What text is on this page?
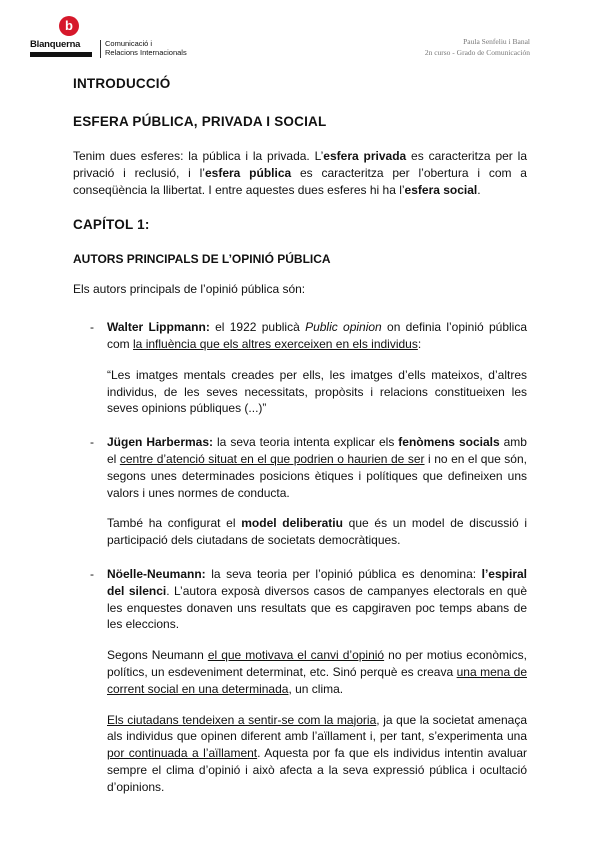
b
Blanquerna	Comunicació i
Relacions Internacionals
Paula Senfeliu i Banal
2n curso - Grado de Comunicación
INTRODUCCIÓ
ESFERA PÚBLICA, PRIVADA I SOCIAL

Tenim dues esferes: la pública i la privada. L’esfera privada es caracteritza per la privació i reclusió, i l’esfera pública es caracteritza per l’obertura i com a conseqüència la llibertat. I entre aquestes dues esferes hi ha l’esfera social.

CAPÍTOL 1:
AUTORS PRINCIPALS DE L’OPINIÓ PÚBLICA

Els autors principals de l’opinió pública són:

- Walter Lippmann: el 1922 publicà Public opinion on definia l’opinió pública com la influència que els altres exerceixen en els individus:

“Les imatges mentals creades per ells, les imatges d’ells mateixos, d’altres individus, de les seves necessitats, propòsits i relacions constitueixen les seves opinions públiques (...)”

- Jügen Harbermas: la seva teoria intenta explicar els fenòmens socials amb el centre d’atenció situat en el que podrien o haurien de ser i no en el que són, segons unes determinades posicions ètiques i polítiques que defineixen uns valors i unes normes de conducta.

També ha configurat el model deliberatiu que és un model de discussió i participació dels ciutadans de societats democràtiques.

- Nöelle-Neumann: la seva teoria per l’opinió pública es denomina: l’espiral del silenci. L’autora exposà diversos casos de campanyes electorals en què les enquestes donaven uns resultats que es capgiraven poc temps abans de les eleccions.

Segons Neumann el que motivava el canvi d’opinió no per motius econòmics, polítics, un esdeveniment determinat, etc. Sinó perquè es creava una mena de corrent social en una determinada, un clima.

Els ciutadans tendeixen a sentir-se com la majoria, ja que la societat amenaça als individus que opinen diferent amb l’aïllament i, per tant, s’experimenta una por continuada a l’aïllament. Aquesta por fa que els individus intentin avaluar sempre el clima d’opinió i això afecta a la seva expressió pública i ocultació d’opinions.
